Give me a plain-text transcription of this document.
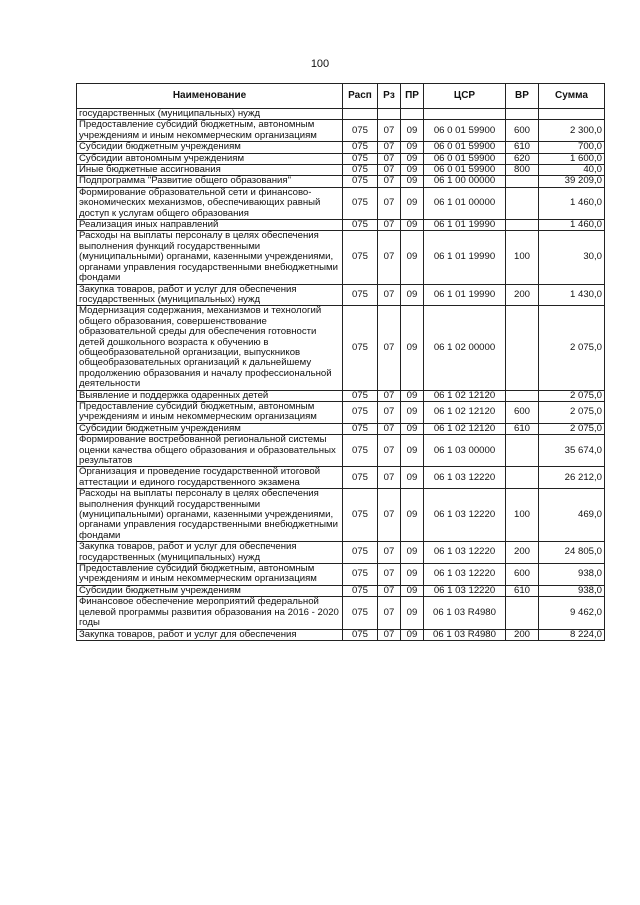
100
Наименование	Расп	Рз	ПР	ЦСР	ВР	Сумма
государственных (муниципальных) нужд						
Предоставление субсидий бюджетным, автономным учреждениям и иным некоммерческим организациям	075	07	09	06 0 01 59900	600	2 300,0
Субсидии бюджетным учреждениям	075	07	09	06 0 01 59900	610	700,0
Субсидии автономным учреждениям	075	07	09	06 0 01 59900	620	1 600,0
Иные бюджетные ассигнования	075	07	09	06 0 01 59900	800	40,0
Подпрограмма "Развитие общего образования"	075	07	09	06 1 00 00000		39 209,0
Формирование образовательной сети и финансово-экономических механизмов, обеспечивающих равный доступ к услугам общего образования	075	07	09	06 1 01 00000		1 460,0
Реализация иных направлений	075	07	09	06 1 01 19990		1 460,0
Расходы на выплаты персоналу в целях обеспечения выполнения функций государственными (муниципальными) органами, казенными учреждениями, органами управления государственными внебюджетными фондами	075	07	09	06 1 01 19990	100	30,0
Закупка товаров, работ и услуг для обеспечения государственных (муниципальных) нужд	075	07	09	06 1 01 19990	200	1 430,0
Модернизация содержания, механизмов и технологий общего образования, совершенствование образовательной среды для обеспечения готовности детей дошкольного возраста к обучению в общеобразовательной организации, выпускников общеобразовательных организаций к дальнейшему продолжению образования и началу профессиональной деятельности	075	07	09	06 1 02 00000		2 075,0
Выявление и поддержка одаренных детей	075	07	09	06 1 02 12120		2 075,0
Предоставление субсидий бюджетным, автономным учреждениям и иным некоммерческим организациям	075	07	09	06 1 02 12120	600	2 075,0
Субсидии бюджетным учреждениям	075	07	09	06 1 02 12120	610	2 075,0
Формирование востребованной региональной системы оценки качества общего образования и образовательных результатов	075	07	09	06 1 03 00000		35 674,0
Организация и проведение государственной итоговой аттестации и единого государственного экзамена	075	07	09	06 1 03 12220		26 212,0
Расходы на выплаты персоналу в целях обеспечения выполнения функций государственными (муниципальными) органами, казенными учреждениями, органами управления государственными внебюджетными фондами	075	07	09	06 1 03 12220	100	469,0
Закупка товаров, работ и услуг для обеспечения государственных (муниципальных) нужд	075	07	09	06 1 03 12220	200	24 805,0
Предоставление субсидий бюджетным, автономным учреждениям и иным некоммерческим организациям	075	07	09	06 1 03 12220	600	938,0
Субсидии бюджетным учреждениям	075	07	09	06 1 03 12220	610	938,0
Финансовое обеспечение мероприятий федеральной целевой программы развития образования на 2016 - 2020 годы	075	07	09	06 1 03 R4980		9 462,0
Закупка товаров, работ и услуг для обеспечения	075	07	09	06 1 03 R4980	200	8 224,0
